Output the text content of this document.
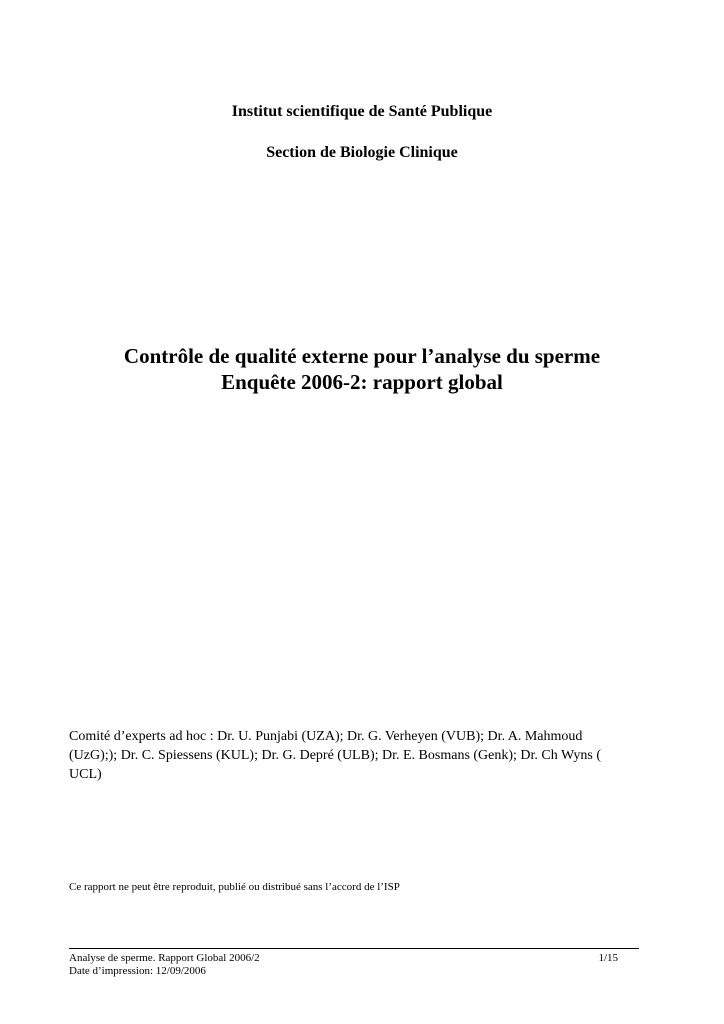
Institut scientifique de Santé Publique
Section de Biologie Clinique
Contrôle de qualité externe pour l’analyse du sperme
Enquête 2006-2: rapport global
Comité d’experts ad hoc : Dr. U. Punjabi (UZA); Dr. G. Verheyen (VUB); Dr. A. Mahmoud (UzG);); Dr. C. Spiessens (KUL); Dr. G. Depré (ULB); Dr. E. Bosmans (Genk); Dr. Ch Wyns ( UCL)
Ce rapport ne peut être reproduit, publié ou distribué sans l’accord de l’ISP
Analyse de sperme. Rapport Global 2006/2	1/15
Date d’impression: 12/09/2006
